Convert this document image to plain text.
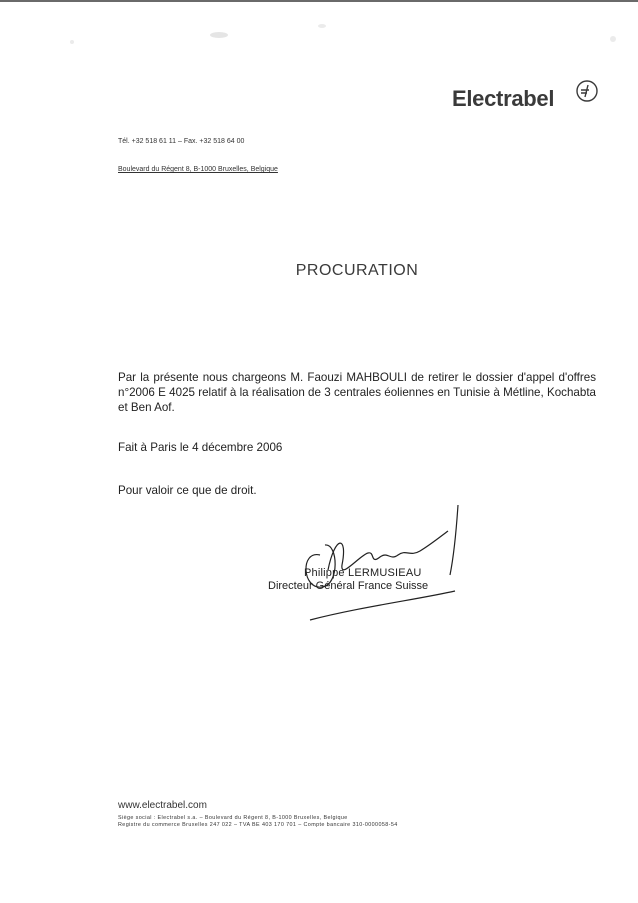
Electrabel
Tél. +32 518 61 11 – Fax. +32 518 64 00
Boulevard du Régent 8, B-1000 Bruxelles, Belgique
PROCURATION
Par la présente nous chargeons M. Faouzi MAHBOULI de retirer le dossier d'appel d'offres n°2006 E 4025 relatif à la réalisation de 3 centrales éoliennes en Tunisie à Métline, Kochabta et Ben Aof.
Fait à Paris le 4 décembre 2006
Pour valoir ce que de droit.
Philippe LERMUSIEAU
Directeur Général France Suisse
www.electrabel.com
Siège social : Electrabel s.a. – Boulevard du Régent 8, B-1000 Bruxelles, Belgique
Registre du commerce Bruxelles 247 022 – TVA BE 403 170 701 – Compte bancaire 310-0000058-54
